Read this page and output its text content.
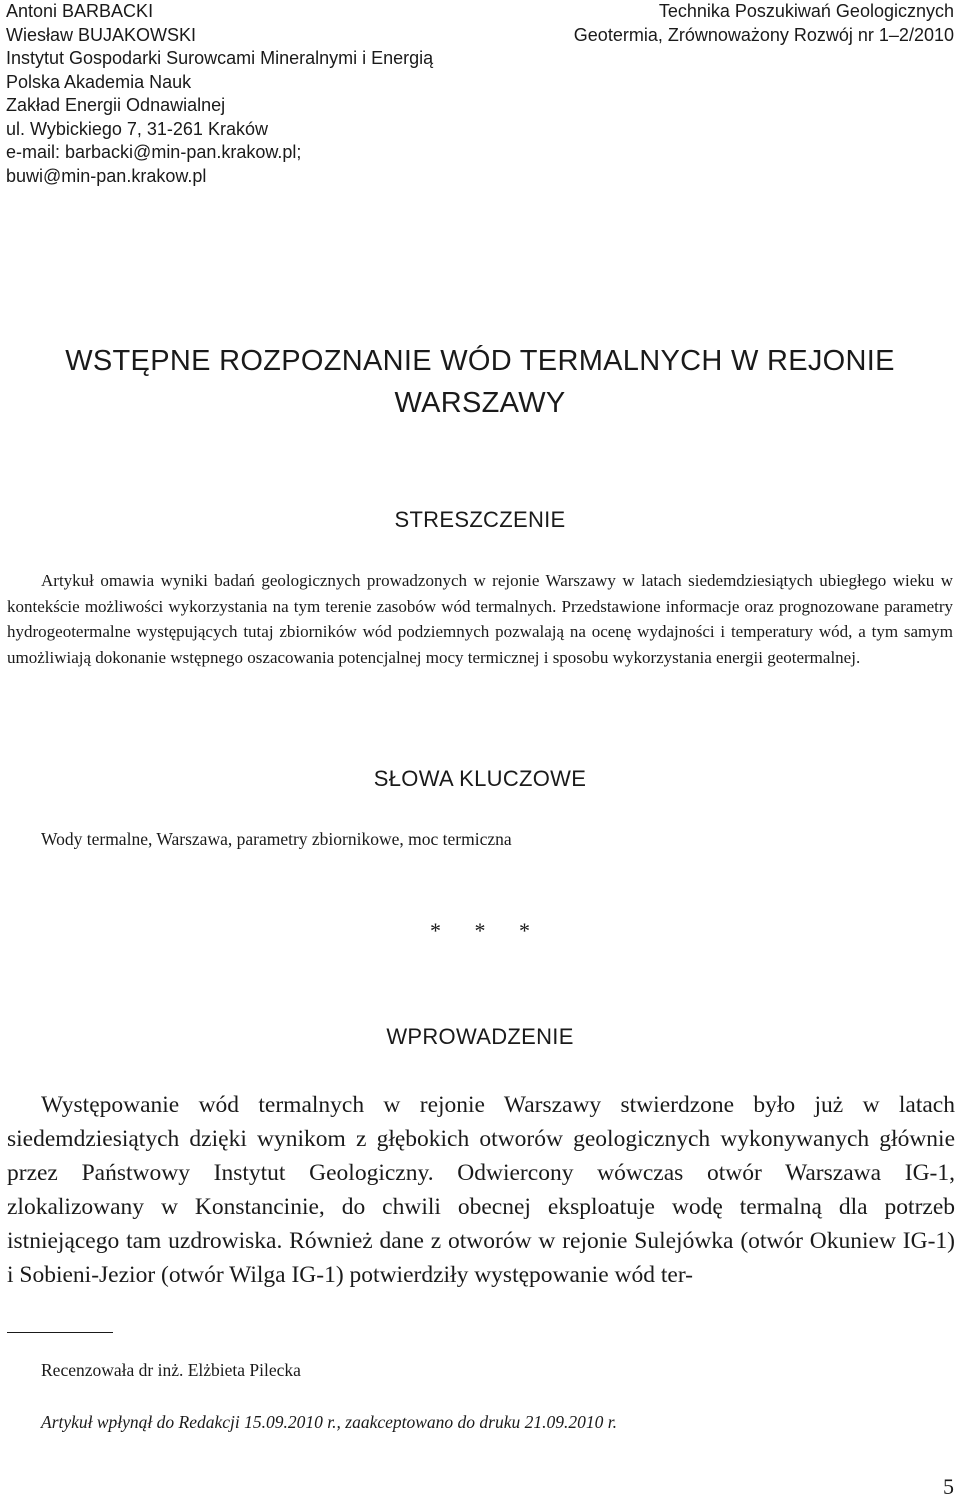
Antoni BARBACKI
Wiesław BUJAKOWSKI
Instytut Gospodarki Surowcami Mineralnymi i Energią
Polska Akademia Nauk
Zakład Energii Odnawialnej
ul. Wybickiego 7, 31-261 Kraków
e-mail: barbacki@min-pan.krakow.pl;
buwi@min-pan.krakow.pl
Technika Poszukiwań Geologicznych
Geotermia, Zrównoważony Rozwój nr 1–2/2010
WSTĘPNE ROZPOZNANIE WÓD TERMALNYCH W REJONIE WARSZAWY
STRESZCZENIE

Artykuł omawia wyniki badań geologicznych prowadzonych w rejonie Warszawy w latach siedemdziesiątych ubiegłego wieku w kontekście możliwości wykorzystania na tym terenie zasobów wód termalnych. Przedstawione informacje oraz prognozowane parametry hydrogeotermalne występujących tutaj zbiorników wód podziemnych pozwalają na ocenę wydajności i temperatury wód, a tym samym umożliwiają dokonanie wstępnego oszacowania potencjalnej mocy termicznej i sposobu wykorzystania energii geotermalnej.

SŁOWA KLUCZOWE
Wody termalne, Warszawa, parametry zbiornikowe, moc termiczna
* * *
WPROWADZENIE

Występowanie wód termalnych w rejonie Warszawy stwierdzone było już w latach siedemdziesiątych dzięki wynikom z głębokich otworów geologicznych wykonywanych głównie przez Państwowy Instytut Geologiczny. Odwiercony wówczas otwór Warszawa IG-1, zlokalizowany w Konstancinie, do chwili obecnej eksploatuje wodę termalną dla potrzeb istniejącego tam uzdrowiska. Również dane z otworów w rejonie Sulejówka (otwór Okuniew IG-1) i Sobieni-Jezior (otwór Wilga IG-1) potwierdziły występowanie wód ter-

Recenzowała dr inż. Elżbieta Pilecka
Artykuł wpłynął do Redakcji 15.09.2010 r., zaakceptowano do druku 21.09.2010 r.
5
